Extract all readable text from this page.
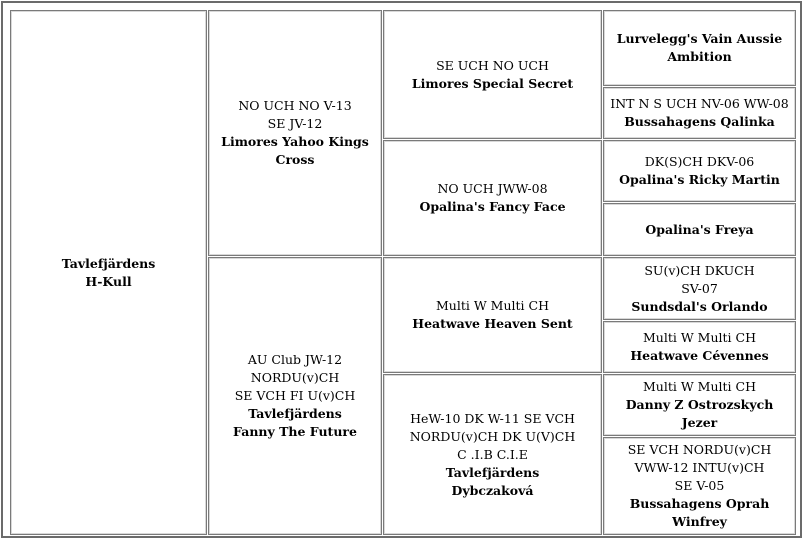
Tavlefjärdens
H-Kull
NO UCH NO V-13
SE JV-12
Limores Yahoo Kings
Cross
AU Club JW-12
NORDU(v)CH
SE VCH FI U(v)CH
Tavlefjärdens
Fanny The Future
SE UCH NO UCH
Limores Special Secret
NO UCH JWW-08
Opalina's Fancy Face
Multi W Multi CH
Heatwave Heaven Sent
HeW-10 DK W-11 SE VCH
NORDU(v)CH DK U(V)CH
C .I.B C.I.E
Tavlefjärdens
Dybczaková
Lurvelegg's Vain Aussie
Ambition
INT N S UCH NV-06 WW-08
Bussahagens Qalinka
DK(S)CH DKV-06
Opalina's Ricky Martin
Opalina's Freya
SU(v)CH DKUCH
SV-07
Sundsdal's Orlando
Multi W Multi CH
Heatwave Cévennes
Multi W Multi CH
Danny Z Ostrozskych
Jezer
SE VCH NORDU(v)CH
VWW-12 INTU(v)CH
SE V-05
Bussahagens Oprah
Winfrey
